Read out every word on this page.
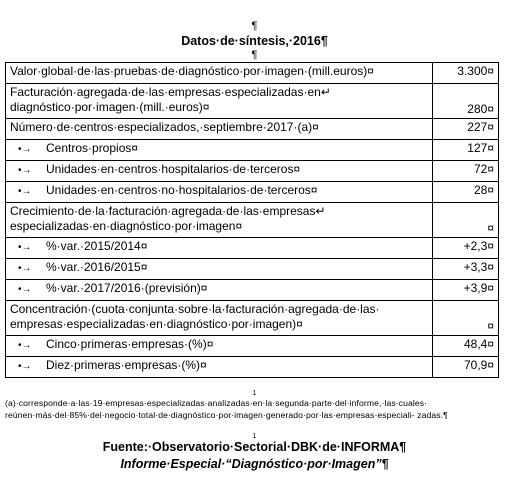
¶
Datos·de·síntesis,·2016¶
¶
Valor·global·de·las·pruebas·de·diagnóstico·por·imagen·(mill.euros)¤	3.300¤
Facturación·agregada·de·las·empresas·especializadas·en↵ diagnóstico·por·imagen·(mill.·euros)¤	280¤
Número·de·centros·especializados,·septiembre·2017·(a)¤	227¤
•→ Centros·propios¤	127¤
•→ Unidades·en·centros·hospitalarios·de·terceros¤	72¤
•→ Unidades·en·centros·no·hospitalarios·de·terceros¤	28¤
Crecimiento·de·la·facturación·agregada·de·las·empresas↵ especializadas·en·diagnóstico·por·imagen¤	¤
•→ %·var.·2015/2014¤	+2,3¤
•→ %·var.·2016/2015¤	+3,3¤
•→ %·var.·2017/2016·(previsión)¤	+3,9¤
Concentración·(cuota·conjunta·sobre·la·facturación·agregada·de·las· empresas·especializadas·en·diagnóstico·por·imagen)¤	¤
•→ Cinco·primeras·empresas·(%)¤	48,4¤
•→ Diez·primeras·empresas·(%)¤	70,9¤
1
(a)·corresponde·a·las·19·empresas·especializadas·analizadas·en·la·segunda·parte·del·informe,·las·cuales· reúnen·más·del·85%·del·negocio·total·de·diagnóstico·por·imagen·generado·por·las·empresas·especiali- zadas.¶
1
Fuente:·Observatorio·Sectorial·DBK·de·INFORMA¶
Informe·Especial·“Diagnóstico·por·Imagen”¶
